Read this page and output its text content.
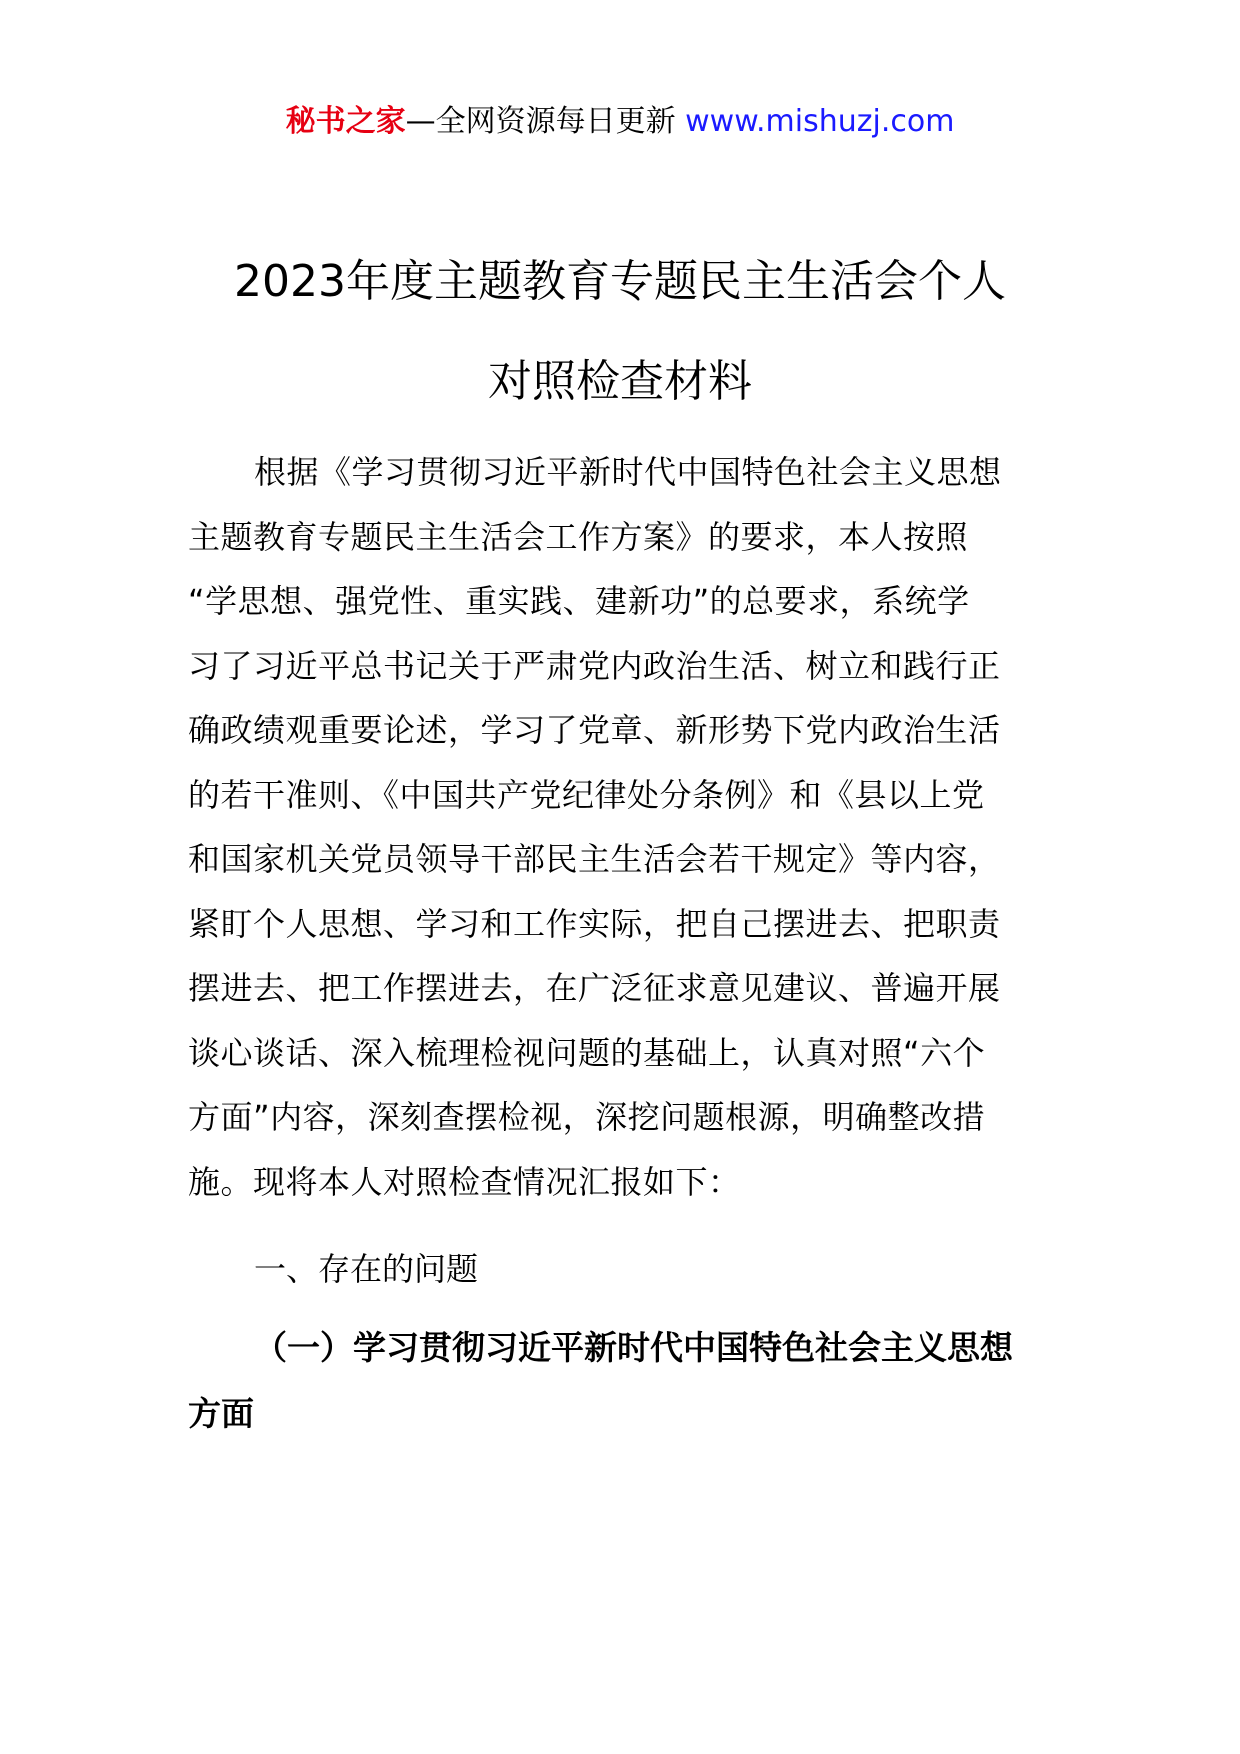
秘书之家—全网资源每日更新 www.mishuzj.com
2023年度主题教育专题民主生活会个人
对照检查材料
根据《学习贯彻习近平新时代中国特色社会主义思想
主题教育专题民主生活会工作方案》的要求，本人按照
“学思想、强党性、重实践、建新功”的总要求，系统学
习了习近平总书记关于严肃党内政治生活、树立和践行正
确政绩观重要论述，学习了党章、新形势下党内政治生活
的若干准则、《中国共产党纪律处分条例》和《县以上党
和国家机关党员领导干部民主生活会若干规定》等内容，
紧盯个人思想、学习和工作实际，把自己摆进去、把职责
摆进去、把工作摆进去，在广泛征求意见建议、普遍开展
谈心谈话、深入梳理检视问题的基础上，认真对照“六个
方面”内容，深刻查摆检视，深挖问题根源，明确整改措
施。现将本人对照检查情况汇报如下：
一、存在的问题
（一）学习贯彻习近平新时代中国特色社会主义思想
方面
